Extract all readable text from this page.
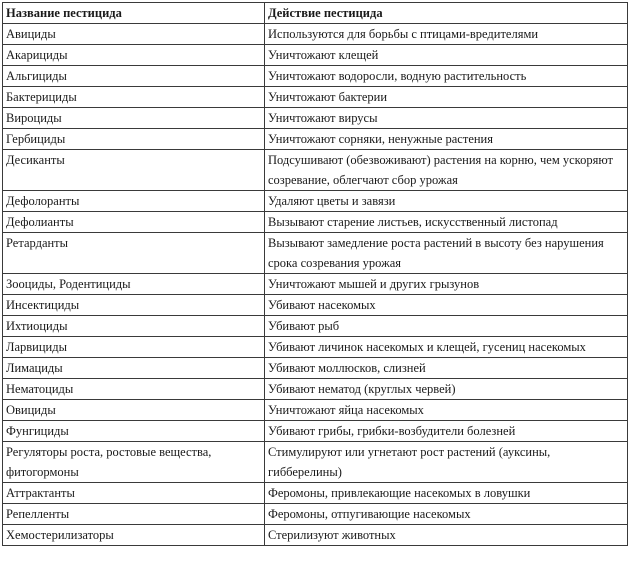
Название пестицида	Действие пестицида
Авициды	Используются для борьбы с птицами-вредителями
Акарициды	Уничтожают клещей
Альгициды	Уничтожают водоросли, водную растительность
Бактерициды	Уничтожают бактерии
Вироциды	Уничтожают вирусы
Гербициды	Уничтожают сорняки, ненужные растения
Десиканты	Подсушивают (обезвоживают) растения на корню, чем ускоряют созревание, облегчают сбор урожая
Дефолоранты	Удаляют цветы и завязи
Дефолианты	Вызывают старение листьев, искусственный листопад
Ретарданты	Вызывают замедление роста растений в высоту без нарушения срока созревания урожая
Зооциды, Родентициды	Уничтожают мышей и других грызунов
Инсектициды	Убивают насекомых
Ихтиоциды	Убивают рыб
Ларвициды	Убивают личинок насекомых и клещей, гусениц насекомых
Лимациды	Убивают моллюсков, слизней
Нематоциды	Убивают нематод (круглых червей)
Овициды	Уничтожают яйца насекомых
Фунгициды	Убивают грибы, грибки-возбудители болезней
Регуляторы роста, ростовые вещества, фитогормоны	Стимулируют или угнетают рост растений (ауксины, гибберелины)
Аттрактанты	Феромоны, привлекающие насекомых в ловушки
Репелленты	Феромоны, отпугивающие насекомых
Хемостерилизаторы	Стерилизуют животных
